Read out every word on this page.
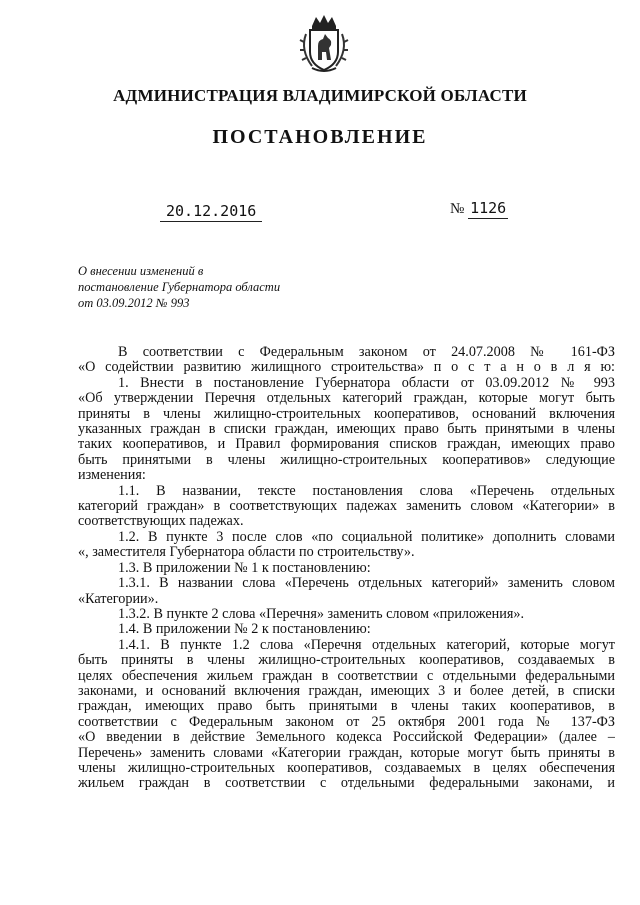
АДМИНИСТРАЦИЯ ВЛАДИМИРСКОЙ ОБЛАСТИ
ПОСТАНОВЛЕНИЕ
20.12.2016	№ 1126
О внесении изменений в
постановление Губернатора области
от 03.09.2012 № 993
В соответствии с Федеральным законом от 24.07.2008 № 161-ФЗ
«О содействии развитию жилищного строительства» п о с т а н о в л я ю:
1. Внести в постановление Губернатора области от 03.09.2012 № 993
«Об утверждении Перечня отдельных категорий граждан, которые могут быть
приняты в члены жилищно-строительных кооперативов, оснований включения
указанных граждан в списки граждан, имеющих право быть принятыми в члены
таких кооперативов, и Правил формирования списков граждан, имеющих право
быть принятыми в члены жилищно-строительных кооперативов» следующие
изменения:
1.1. В названии, тексте постановления слова «Перечень отдельных
категорий граждан» в соответствующих падежах заменить словом «Категории» в
соответствующих падежах.
1.2. В пункте 3 после слов «по социальной политике» дополнить словами
«, заместителя Губернатора области по строительству».
1.3. В приложении № 1 к постановлению:
1.3.1. В названии слова «Перечень отдельных категорий» заменить словом
«Категории».
1.3.2. В пункте 2 слова «Перечня» заменить словом «приложения».
1.4. В приложении № 2 к постановлению:
1.4.1. В пункте 1.2 слова «Перечня отдельных категорий, которые могут
быть приняты в члены жилищно-строительных кооперативов, создаваемых в
целях обеспечения жильем граждан в соответствии с отдельными федеральными
законами, и оснований включения граждан, имеющих 3 и более детей, в списки
граждан, имеющих право быть принятыми в члены таких кооперативов, в
соответствии с Федеральным законом от 25 октября 2001 года № 137-ФЗ
«О введении в действие Земельного кодекса Российской Федерации» (далее –
Перечень» заменить словами «Категории граждан, которые могут быть приняты в
члены жилищно-строительных кооперативов, создаваемых в целях обеспечения
жильем граждан в соответствии с отдельными федеральными законами, и
